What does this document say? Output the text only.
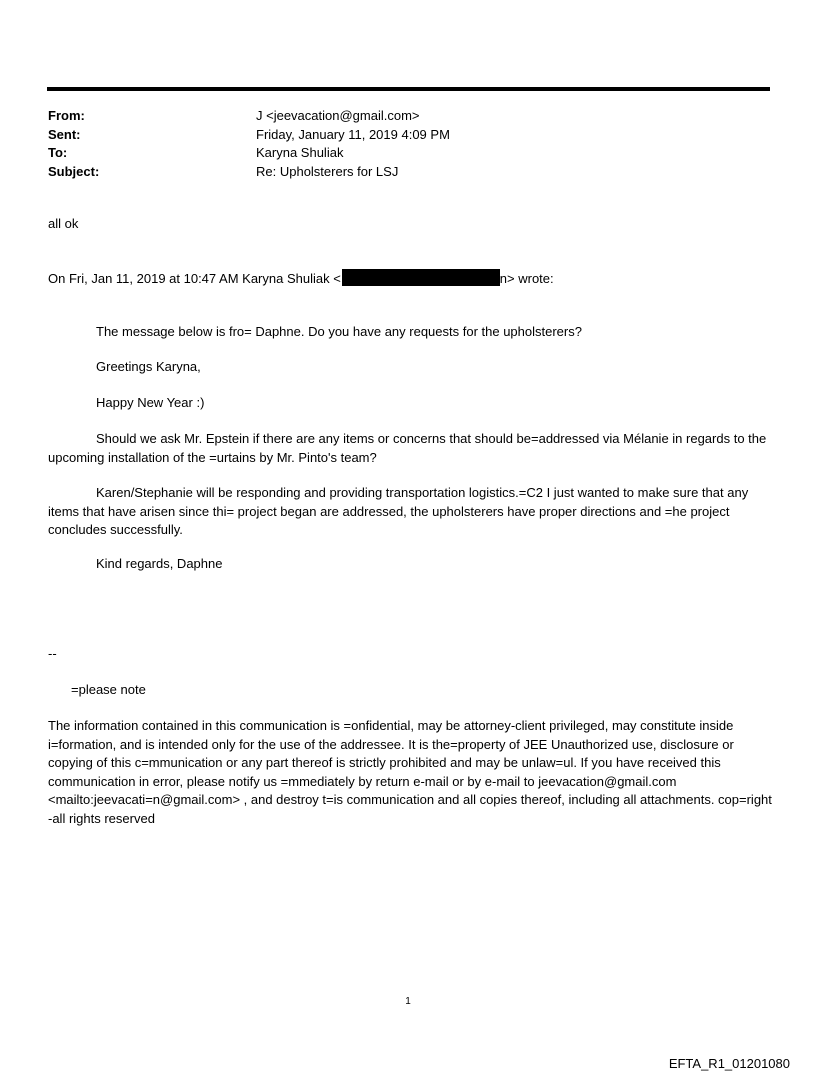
From:	J <jeevacation@gmail.com>
Sent:	Friday, January 11, 2019 4:09 PM
To:	Karyna Shuliak
Subject:	Re: Upholsterers for LSJ
all ok
On Fri, Jan 11, 2019 at 10:47 AM Karyna Shuliak <	n> wrote:
The message below is fro= Daphne. Do you have any requests for the upholsterers?
Greetings Karyna,
Happy New Year :)
Should we ask Mr. Epstein if there are any items or concerns that should be=addressed via Mélanie in regards to the upcoming installation of the =urtains by Mr. Pinto's team?
Karen/Stephanie will be responding and providing transportation logistics.=C2 I just wanted to make sure that any items that have arisen since thi= project began are addressed, the upholsterers have proper directions and =he project concludes successfully.
Kind regards, Daphne
--
=please note
The information contained in this communication is =onfidential, may be attorney-client privileged, may constitute inside i=formation, and is intended only for the use of the addressee. It is the=property of JEE Unauthorized use, disclosure or copying of this c=mmunication or any part thereof is strictly prohibited and may be unlaw=ul. If you have received this communication in error, please notify us =mmediately by return e-mail or by e-mail to jeevacation@gmail.com <mailto:jeevacati=n@gmail.com> , and destroy t=is communication and all copies thereof, including all attachments. cop=right -all rights reserved
1
EFTA_R1_01201080
